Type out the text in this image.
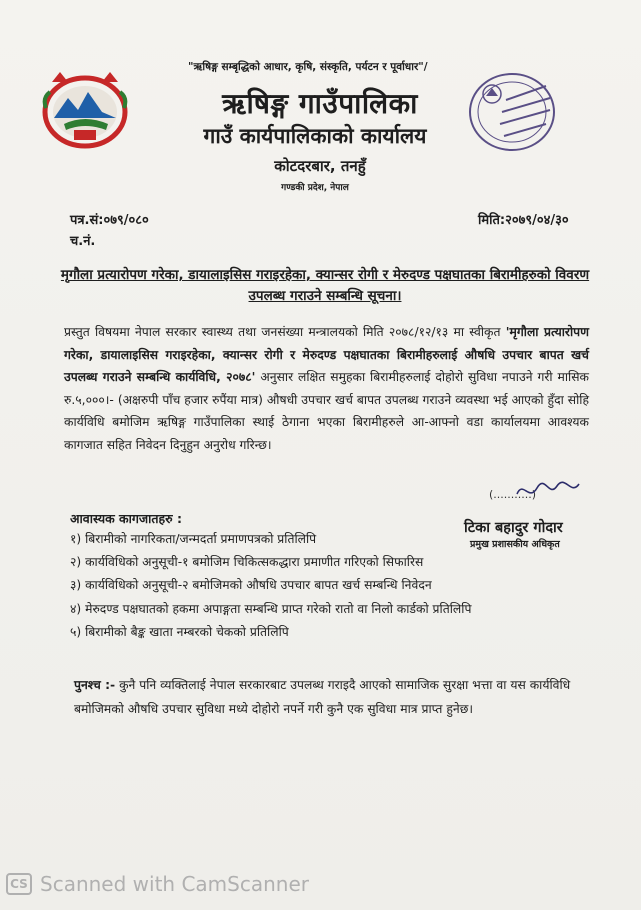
"ऋषिङ्ग सम्बृद्धिको आधार, कृषि, संस्कृति, पर्यटन र पूर्वाधार"/
ऋषिङ्ग गाउँपालिका
गाउँ कार्यपालिकाको कार्यालय
कोटदरबार, तनहुँ
गण्डकी प्रदेश, नेपाल
पत्र.सं:०७९/०८०
च.नं.
मिति:२०७९/०४/३०
मृगौला प्रत्यारोपण गरेका, डायालाइसिस गराइरहेका, क्यान्सर रोगी र मेरुदण्ड पक्षघातका बिरामीहरुको विवरण उपलब्ध गराउने सम्बन्धि सूचना।
प्रस्तुत विषयमा नेपाल सरकार स्वास्थ्य तथा जनसंख्या मन्त्रालयको मिति २०७८/१२/१३ मा स्वीकृत 'मृगौला प्रत्यारोपण गरेका, डायालाइसिस गराइरहेका, क्यान्सर रोगी र मेरुदण्ड पक्षघातका बिरामीहरुलाई औषधि उपचार बापत खर्च उपलब्ध गराउने सम्बन्धि कार्यविधि, २०७८' अनुसार लक्षित समुहका बिरामीहरुलाई दोहोरो सुविधा नपाउने गरी मासिक रु.५,०००।- (अक्षरुपी पाँच हजार रुपैंया मात्र) औषधी उपचार खर्च बापत उपलब्ध गराउने व्यवस्था भई आएको हुँदा सोहि कार्यविधि बमोजिम ऋषिङ्ग गाउँपालिका स्थाई ठेगाना भएका बिरामीहरुले आ-आफ्नो वडा कार्यालयमा आवश्यक कागजात सहित निवेदन दिनुहुन अनुरोध गरिन्छ।
(...........)
टिका बहादुर गोदार
प्रमुख प्रशासकीय अधिकृत
आवास्यक कागजातहरु :
१) बिरामीको नागरिकता/जन्मदर्ता प्रमाणपत्रको प्रतिलिपि
२) कार्यविधिको अनुसूची-१ बमोजिम चिकित्सकद्धारा प्रमाणीत गरिएको सिफारिस
३) कार्यविधिको अनुसूची-२ बमोजिमको औषधि उपचार बापत खर्च सम्बन्धि निवेदन
४) मेरुदण्ड पक्षघातको हकमा अपाङ्गता सम्बन्धि प्राप्त गरेको रातो वा निलो कार्डको प्रतिलिपि
५) बिरामीको बैङ्क खाता नम्बरको चेकको प्रतिलिपि
पुनश्च :- कुनै पनि व्यक्तिलाई नेपाल सरकारबाट उपलब्ध गराइदै आएको सामाजिक सुरक्षा भत्ता वा यस कार्यविधि बमोजिमको औषधि उपचार सुविधा मध्ये दोहोरो नपर्ने गरी कुनै एक सुविधा मात्र प्राप्त हुनेछ।
CS Scanned with CamScanner
